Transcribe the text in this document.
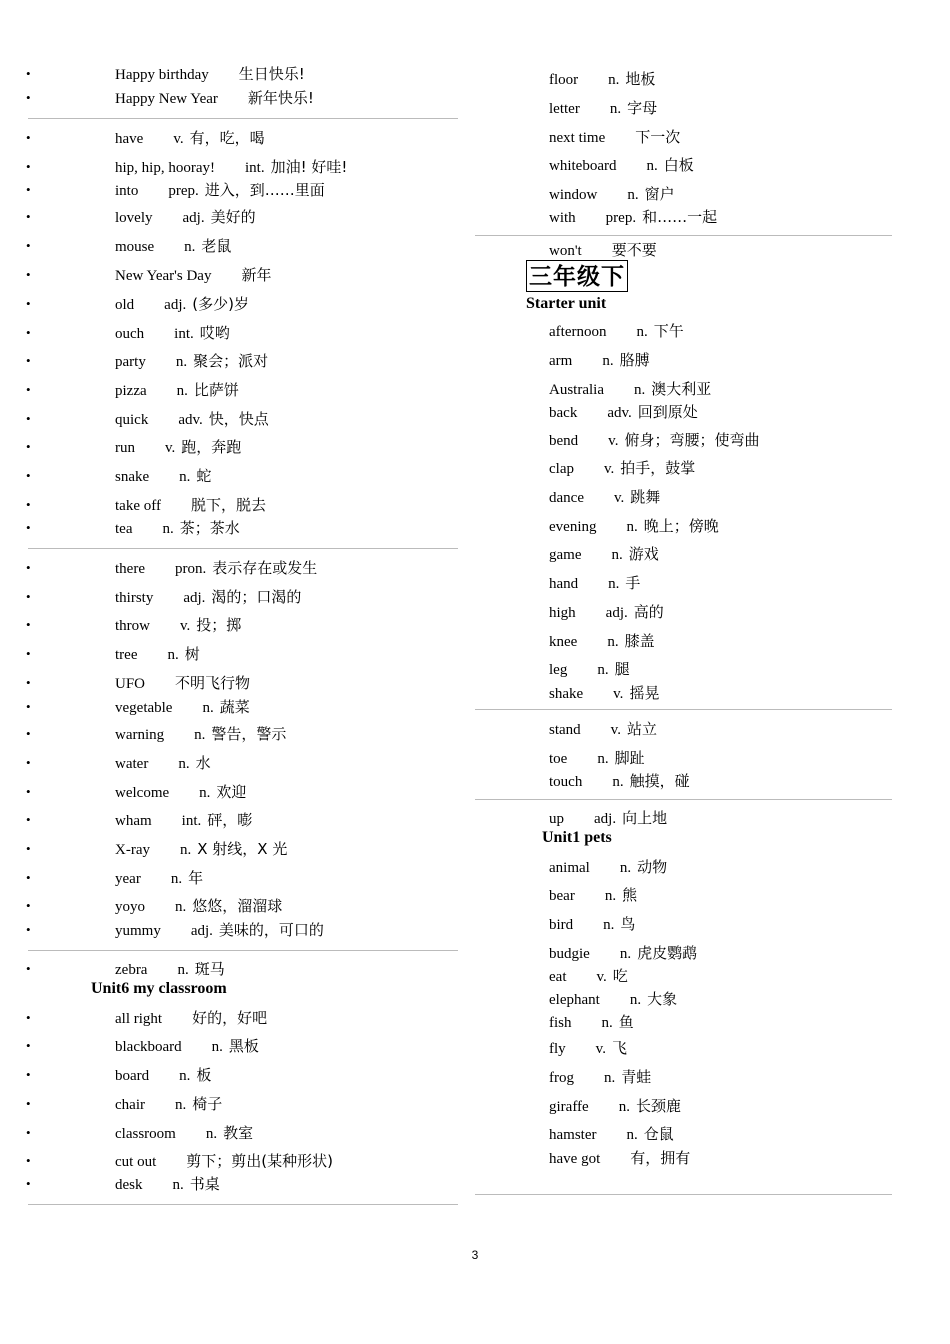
•	Happy birthday 生日快乐!
•	Happy New Year 新年快乐!
•	have v. 有，吃，喝
•	hip, hip, hooray! int. 加油! 好哇!
•	into prep. 进入，到……里面
•	lovely adj. 美好的
•	mouse n. 老鼠
•	New Year's Day 新年
•	old adj. (多少)岁
•	ouch int. 哎哟
•	party n. 聚会；派对
•	pizza n. 比萨饼
•	quick adv. 快，快点
•	run v. 跑，奔跑
•	snake n. 蛇
•	take off 脱下，脱去
•	tea n. 茶；茶水
•	there pron. 表示存在或发生
•	thirsty adj. 渴的；口渴的
•	throw v. 投；掷
•	tree n. 树
•	UFO 不明飞行物
•	vegetable n. 蔬菜
•	warning n. 警告，警示
•	water n. 水
•	welcome n. 欢迎
•	wham int. 砰，嘭
•	X-ray n. X 射线，X 光
•	year n. 年
•	yoyo n. 悠悠，溜溜球
•	yummy adj. 美味的，可口的
•	zebra n. 斑马
•	all right 好的，好吧
•	blackboard n. 黑板
•	board n. 板
•	chair n. 椅子
•	classroom n. 教室
•	cut out 剪下；剪出(某种形状)
•	desk n. 书桌
floor n. 地板
letter n. 字母
next time 下一次
whiteboard n. 白板
window n. 窗户
with prep. 和……一起
won't 要不要
afternoon n. 下午
arm n. 胳膊
Australia n. 澳大利亚
back adv. 回到原处
bend v. 俯身；弯腰；使弯曲
clap v. 拍手，鼓掌
dance v. 跳舞
evening n. 晚上；傍晚
game n. 游戏
hand n. 手
high adj. 高的
knee n. 膝盖
leg n. 腿
shake v. 摇晃
stand v. 站立
toe n. 脚趾
touch n. 触摸，碰
up adj. 向上地
animal n. 动物
bear n. 熊
bird n. 鸟
budgie n. 虎皮鹦鹉
eat v. 吃
elephant n. 大象
fish n. 鱼
fly v. 飞
frog n. 青蛙
giraffe n. 长颈鹿
hamster n. 仓鼠
have got 有，拥有
Unit6 my classroom
三年级下
Starter unit
Unit1 pets
3
